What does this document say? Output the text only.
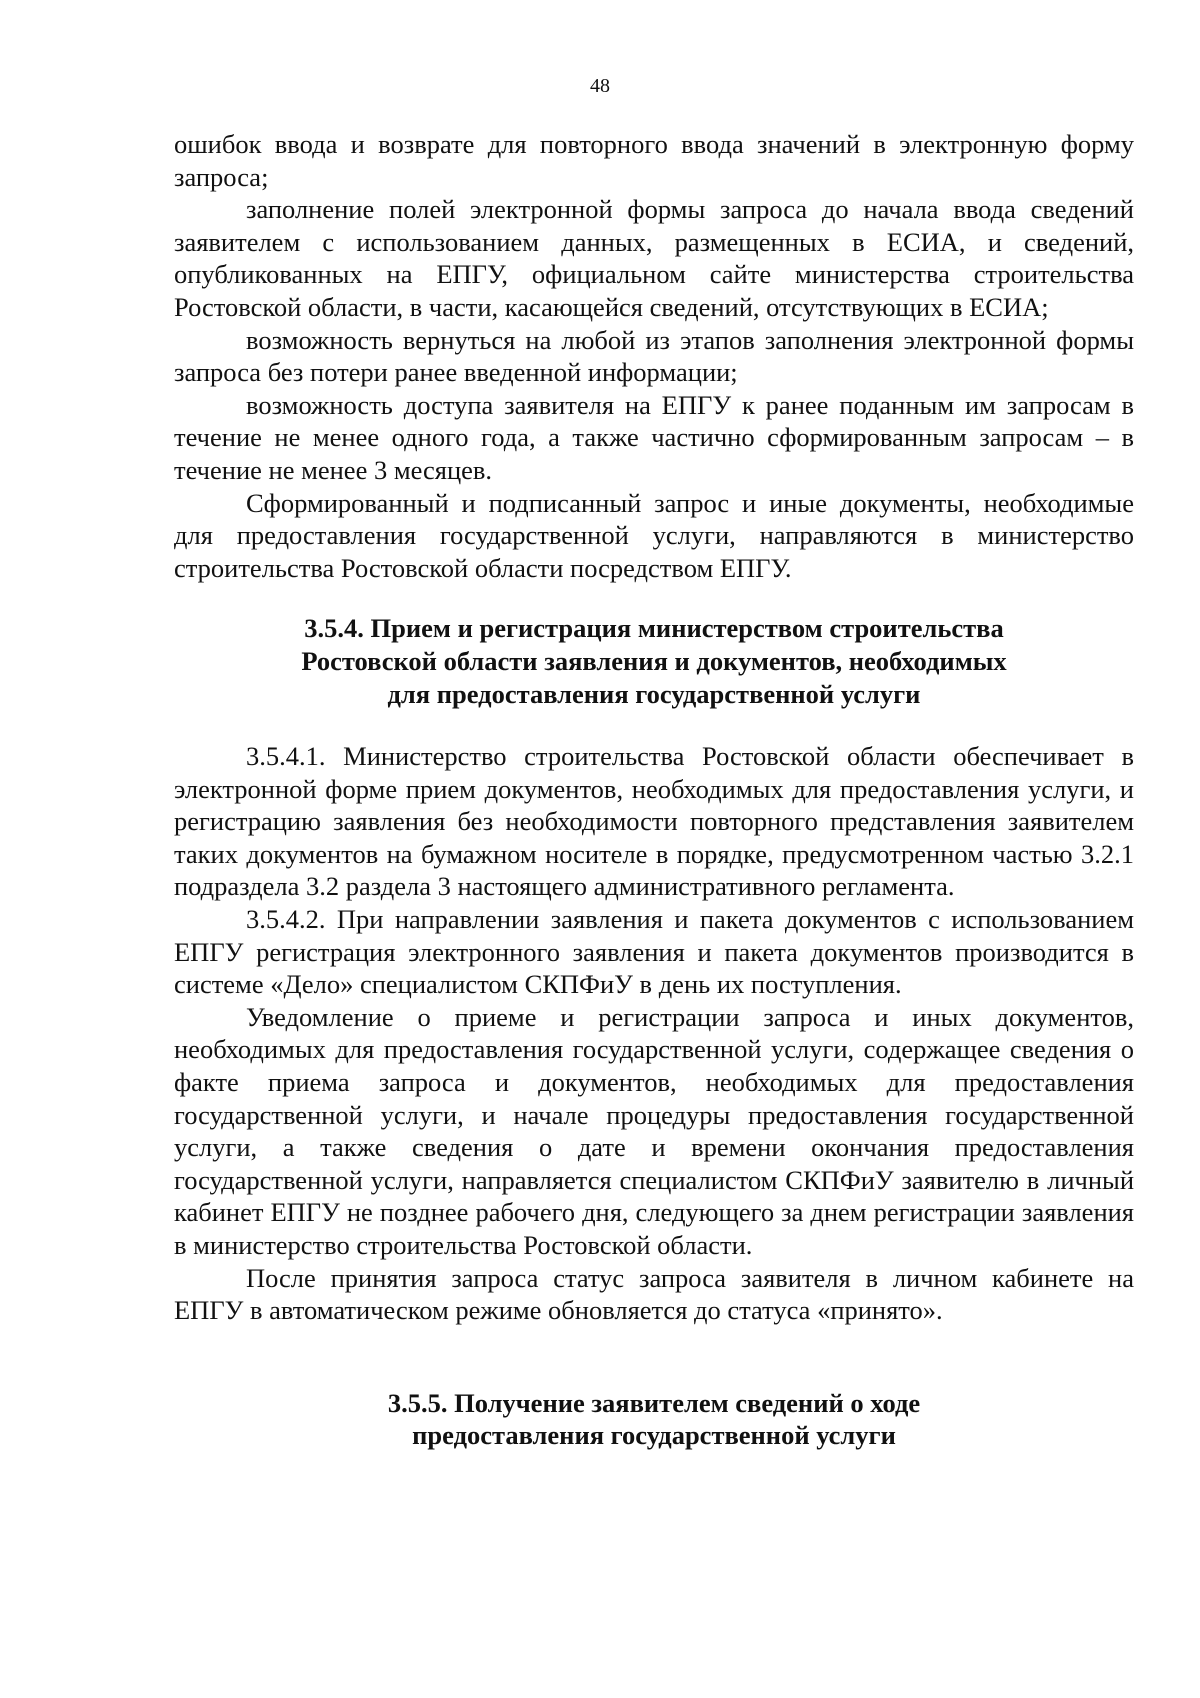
48

ошибок ввода и возврате для повторного ввода значений в электронную форму запроса;

заполнение полей электронной формы запроса до начала ввода сведений заявителем с использованием данных, размещенных в ЕСИА, и сведений, опубликованных на ЕПГУ, официальном сайте министерства строительства Ростовской области, в части, касающейся сведений, отсутствующих в ЕСИА;

возможность вернуться на любой из этапов заполнения электронной формы запроса без потери ранее введенной информации;

возможность доступа заявителя на ЕПГУ к ранее поданным им запросам в течение не менее одного года, а также частично сформированным запросам – в течение не менее 3 месяцев.

Сформированный и подписанный запрос и иные документы, необходимые для предоставления государственной услуги, направляются в министерство строительства Ростовской области посредством ЕПГУ.

3.5.4. Прием и регистрация министерством строительства

Ростовской области заявления и документов, необходимых

для предоставления государственной услуги

3.5.4.1. Министерство строительства Ростовской области обеспечивает в электронной форме прием документов, необходимых для предоставления услуги, и регистрацию заявления без необходимости повторного представления заявителем таких документов на бумажном носителе в порядке, предусмотренном частью 3.2.1 подраздела 3.2 раздела 3 настоящего административного регламента.

3.5.4.2. При направлении заявления и пакета документов с использованием ЕПГУ регистрация электронного заявления и пакета документов производится в системе «Дело» специалистом СКПФиУ в день их поступления.

Уведомление о приеме и регистрации запроса и иных документов, необходимых для предоставления государственной услуги, содержащее сведения о факте приема запроса и документов, необходимых для предоставления государственной услуги, и начале процедуры предоставления государственной услуги, а также сведения о дате и времени окончания предоставления государственной услуги, направляется специалистом СКПФиУ заявителю в личный кабинет ЕПГУ не позднее рабочего дня, следующего за днем регистрации заявления в министерство строительства Ростовской области.

После принятия запроса статус запроса заявителя в личном кабинете на ЕПГУ в автоматическом режиме обновляется до статуса «принято».

3.5.5. Получение заявителем сведений о ходе

предоставления государственной услуги
